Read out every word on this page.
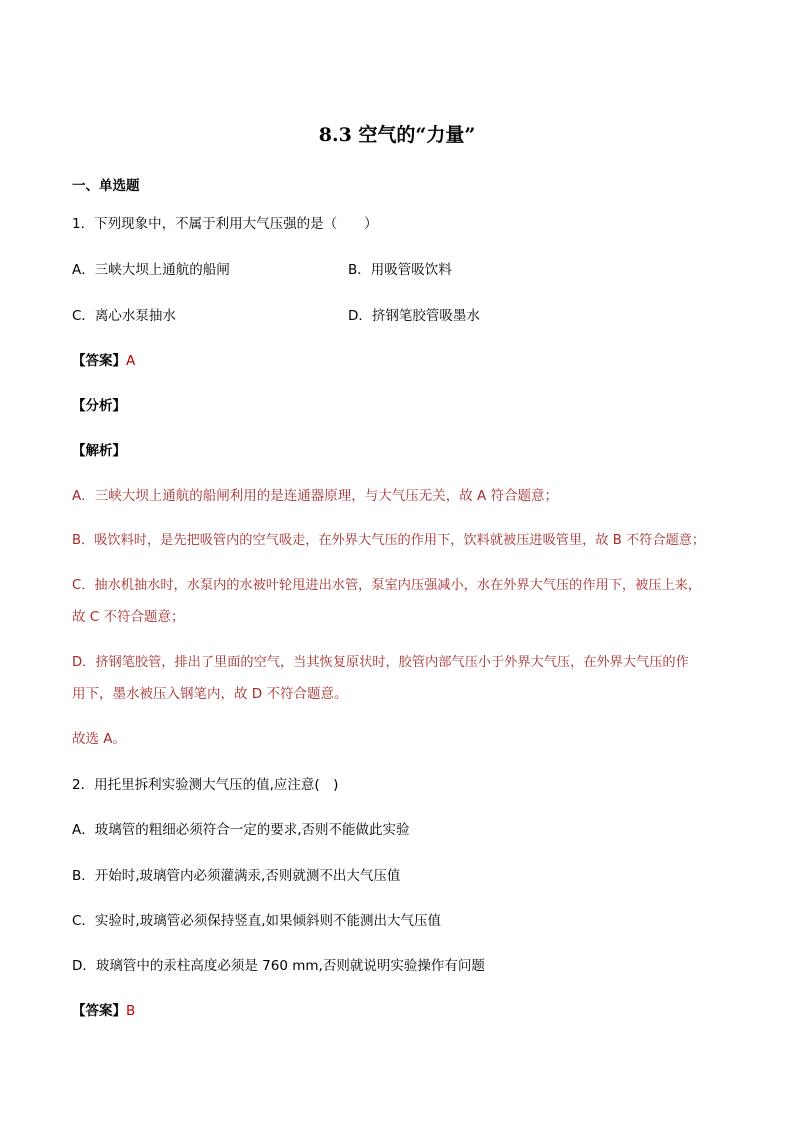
8.3 空气的“力量”
一、单选题
1．下列现象中，不属于利用大气压强的是（　　）
A．三峡大坝上通航的船闸	B．用吸管吸饮料
C．离心水泵抽水	D．挤钢笔胶管吸墨水
【答案】A
【分析】
【解析】
A．三峡大坝上通航的船闸利用的是连通器原理，与大气压无关，故 A 符合题意；
B．吸饮料时，是先把吸管内的空气吸走，在外界大气压的作用下，饮料就被压进吸管里，故 B 不符合题意；
C．抽水机抽水时，水泵内的水被叶轮甩进出水管，泵室内压强减小，水在外界大气压的作用下，被压上来，
故 C 不符合题意；
D．挤钢笔胶管，排出了里面的空气，当其恢复原状时，胶管内部气压小于外界大气压，在外界大气压的作
用下，墨水被压入钢笔内，故 D 不符合题意。
故选 A。
2．用托里拆利实验测大气压的值,应注意(　)
A．玻璃管的粗细必须符合一定的要求,否则不能做此实验
B．开始时,玻璃管内必须灌满汞,否则就测不出大气压值
C．实验时,玻璃管必须保持竖直,如果倾斜则不能测出大气压值
D．玻璃管中的汞柱高度必须是 760 mm,否则就说明实验操作有问题
【答案】B
